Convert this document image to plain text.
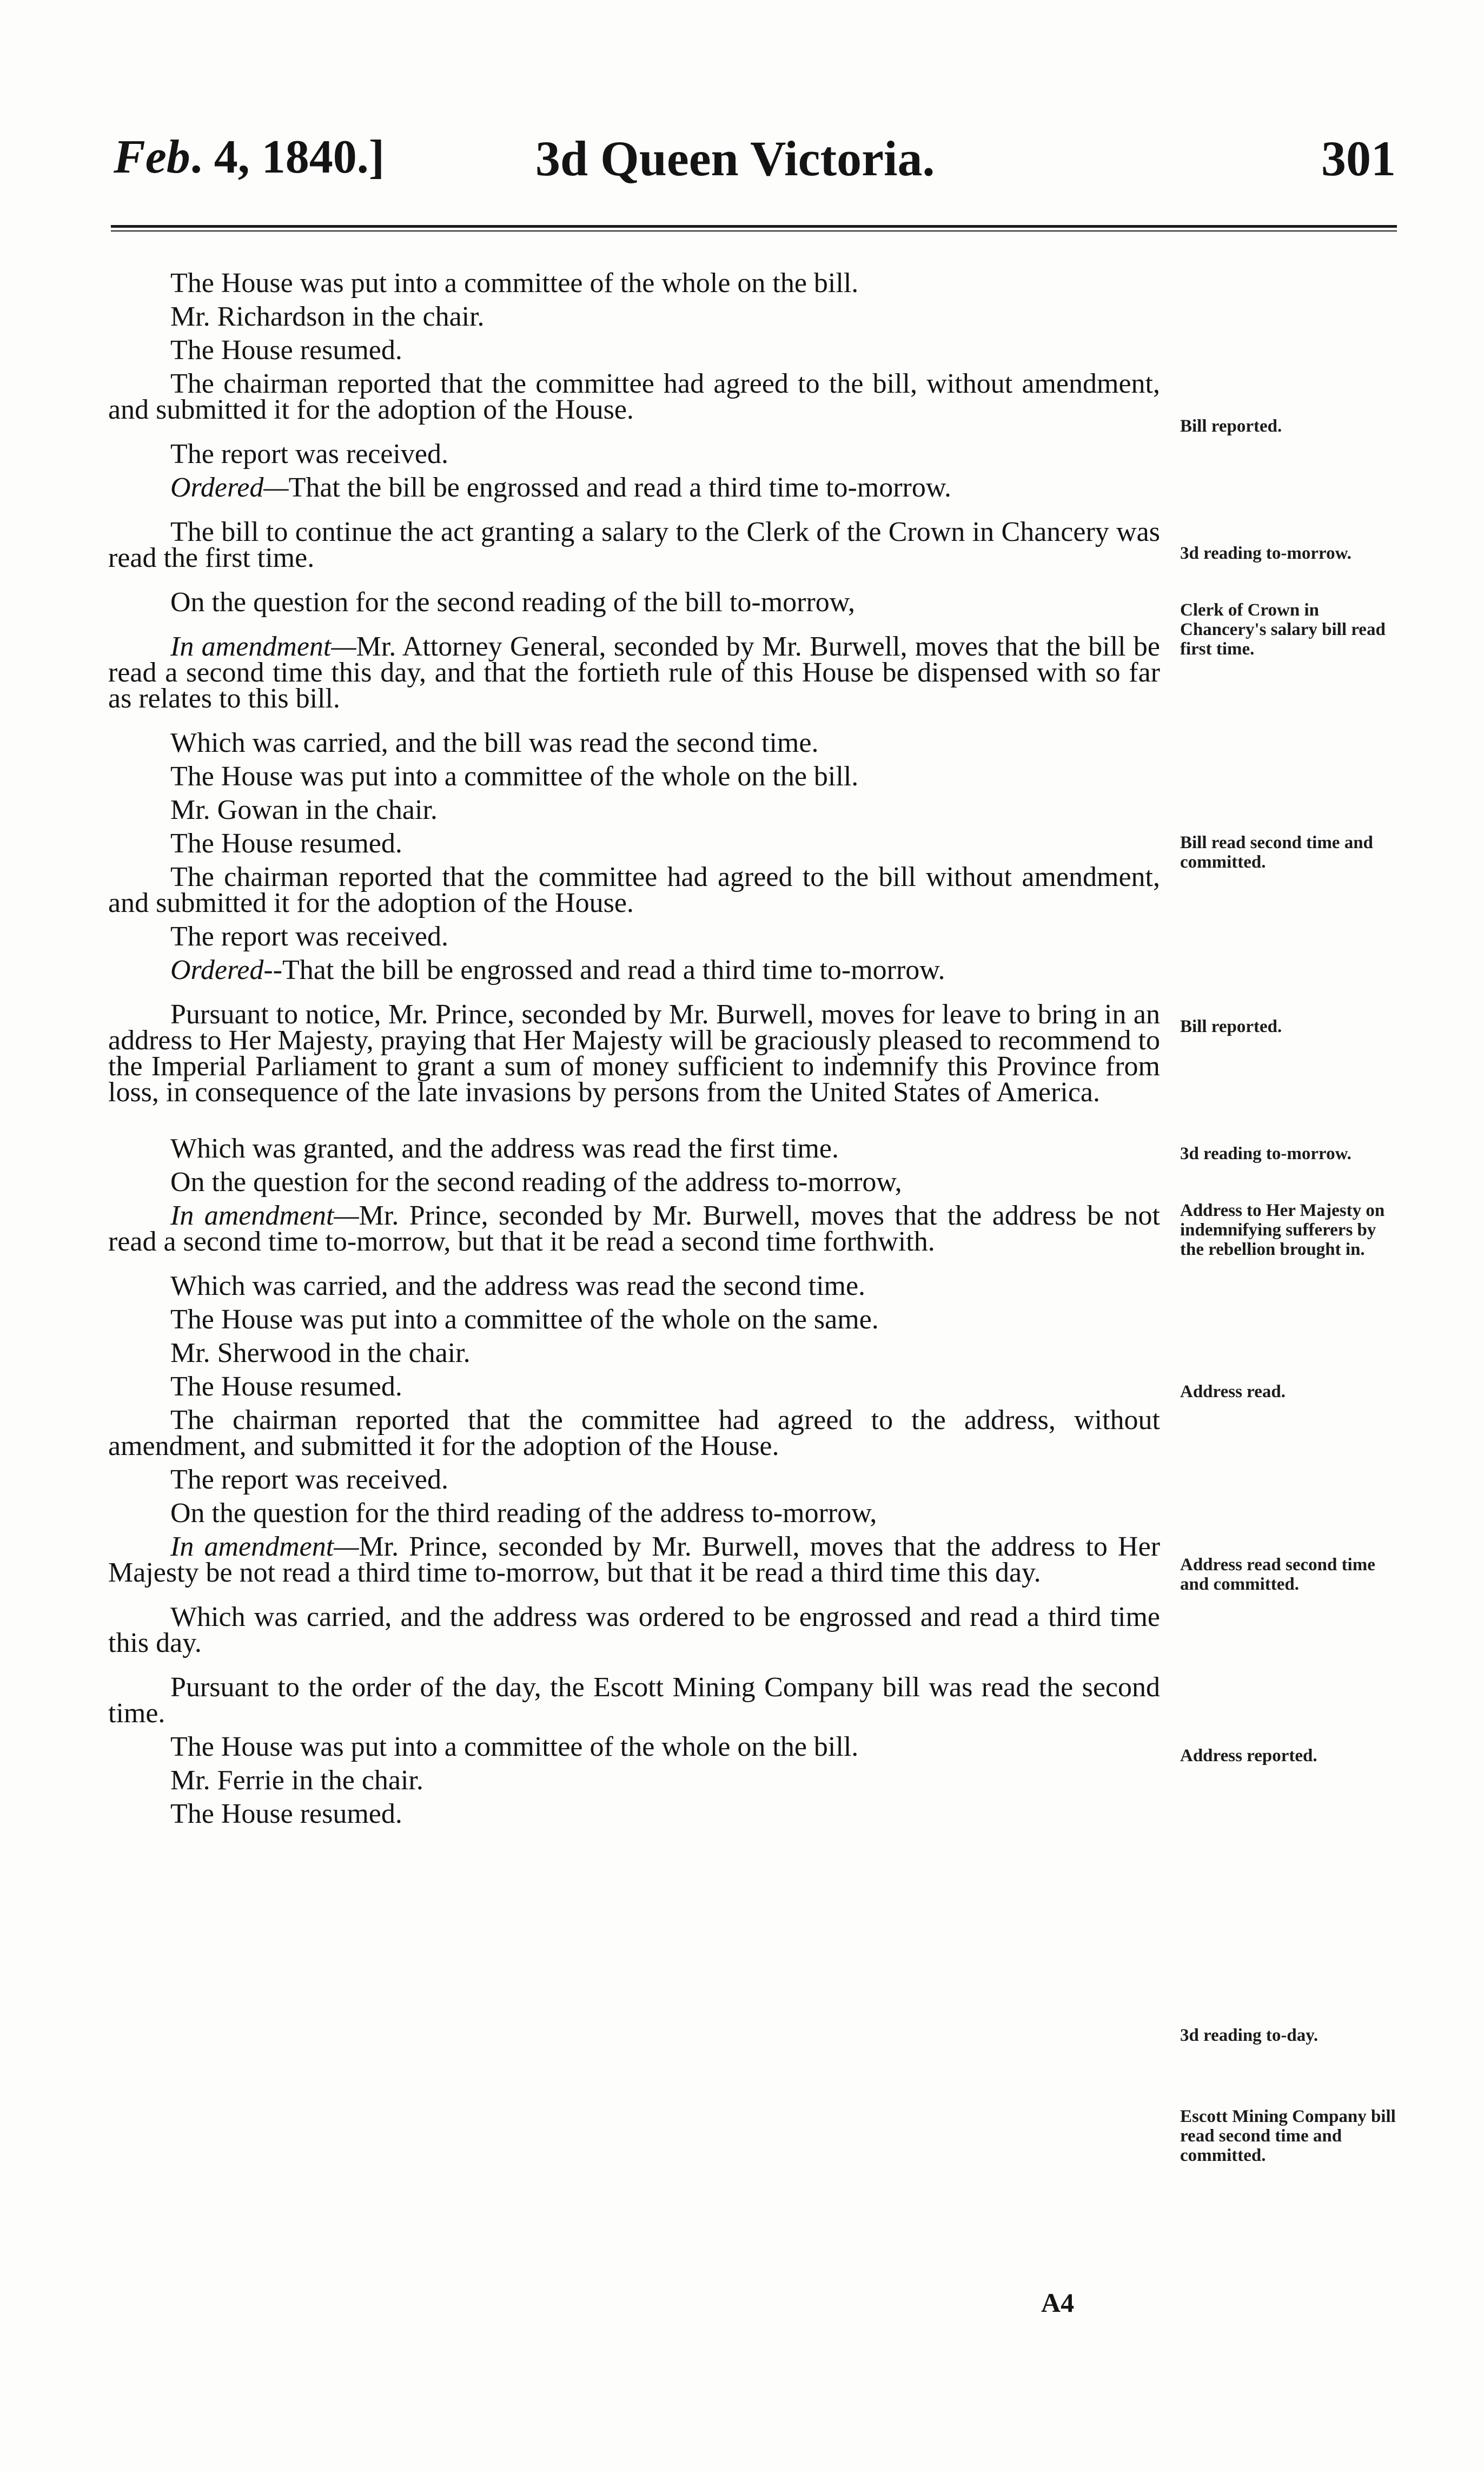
Feb. 4, 1840.]	3d Queen Victoria.	301

The House was put into a committee of the whole on the bill.

Mr. Richardson in the chair.

The House resumed.

The chairman reported that the committee had agreed to the bill, without amendment, and submitted it for the adoption of the House.

The report was received.

Ordered—That the bill be engrossed and read a third time to-morrow.

The bill to continue the act granting a salary to the Clerk of the Crown in Chancery was read the first time.

On the question for the second reading of the bill to-morrow,

In amendment—Mr. Attorney General, seconded by Mr. Burwell, moves that the bill be read a second time this day, and that the fortieth rule of this House be dispensed with so far as relates to this bill.

Which was carried, and the bill was read the second time.

The House was put into a committee of the whole on the bill.

Mr. Gowan in the chair.

The House resumed.

The chairman reported that the committee had agreed to the bill without amendment, and submitted it for the adoption of the House.

The report was received.

Ordered--That the bill be engrossed and read a third time to-morrow.

Pursuant to notice, Mr. Prince, seconded by Mr. Burwell, moves for leave to bring in an address to Her Majesty, praying that Her Majesty will be graciously pleased to recommend to the Imperial Parliament to grant a sum of money sufficient to indemnify this Province from loss, in consequence of the late invasions by persons from the United States of America.

Which was granted, and the address was read the first time.

On the question for the second reading of the address to-morrow,

In amendment—Mr. Prince, seconded by Mr. Burwell, moves that the address be not read a second time to-morrow, but that it be read a second time forthwith.

Which was carried, and the address was read the second time.

The House was put into a committee of the whole on the same.

Mr. Sherwood in the chair.

The House resumed.

The chairman reported that the committee had agreed to the address, without amendment, and submitted it for the adoption of the House.

The report was received.

On the question for the third reading of the address to-morrow,

In amendment—Mr. Prince, seconded by Mr. Burwell, moves that the address to Her Majesty be not read a third time to-morrow, but that it be read a third time this day.

Which was carried, and the address was ordered to be engrossed and read a third time this day.

Pursuant to the order of the day, the Escott Mining Company bill was read the second time.

The House was put into a committee of the whole on the bill.

Mr. Ferrie in the chair.

The House resumed.

Bill reported.
3d reading to-morrow.
Clerk of Crown in Chancery's salary bill read first time.
Bill read second time and committed.
Bill reported.
3d reading to-morrow.
Address to Her Majesty on indemnifying sufferers by the rebellion brought in.
Address read.
Address read second time and committed.
Address reported.
3d reading to-day.
Escott Mining Company bill read second time and committed.
A4
